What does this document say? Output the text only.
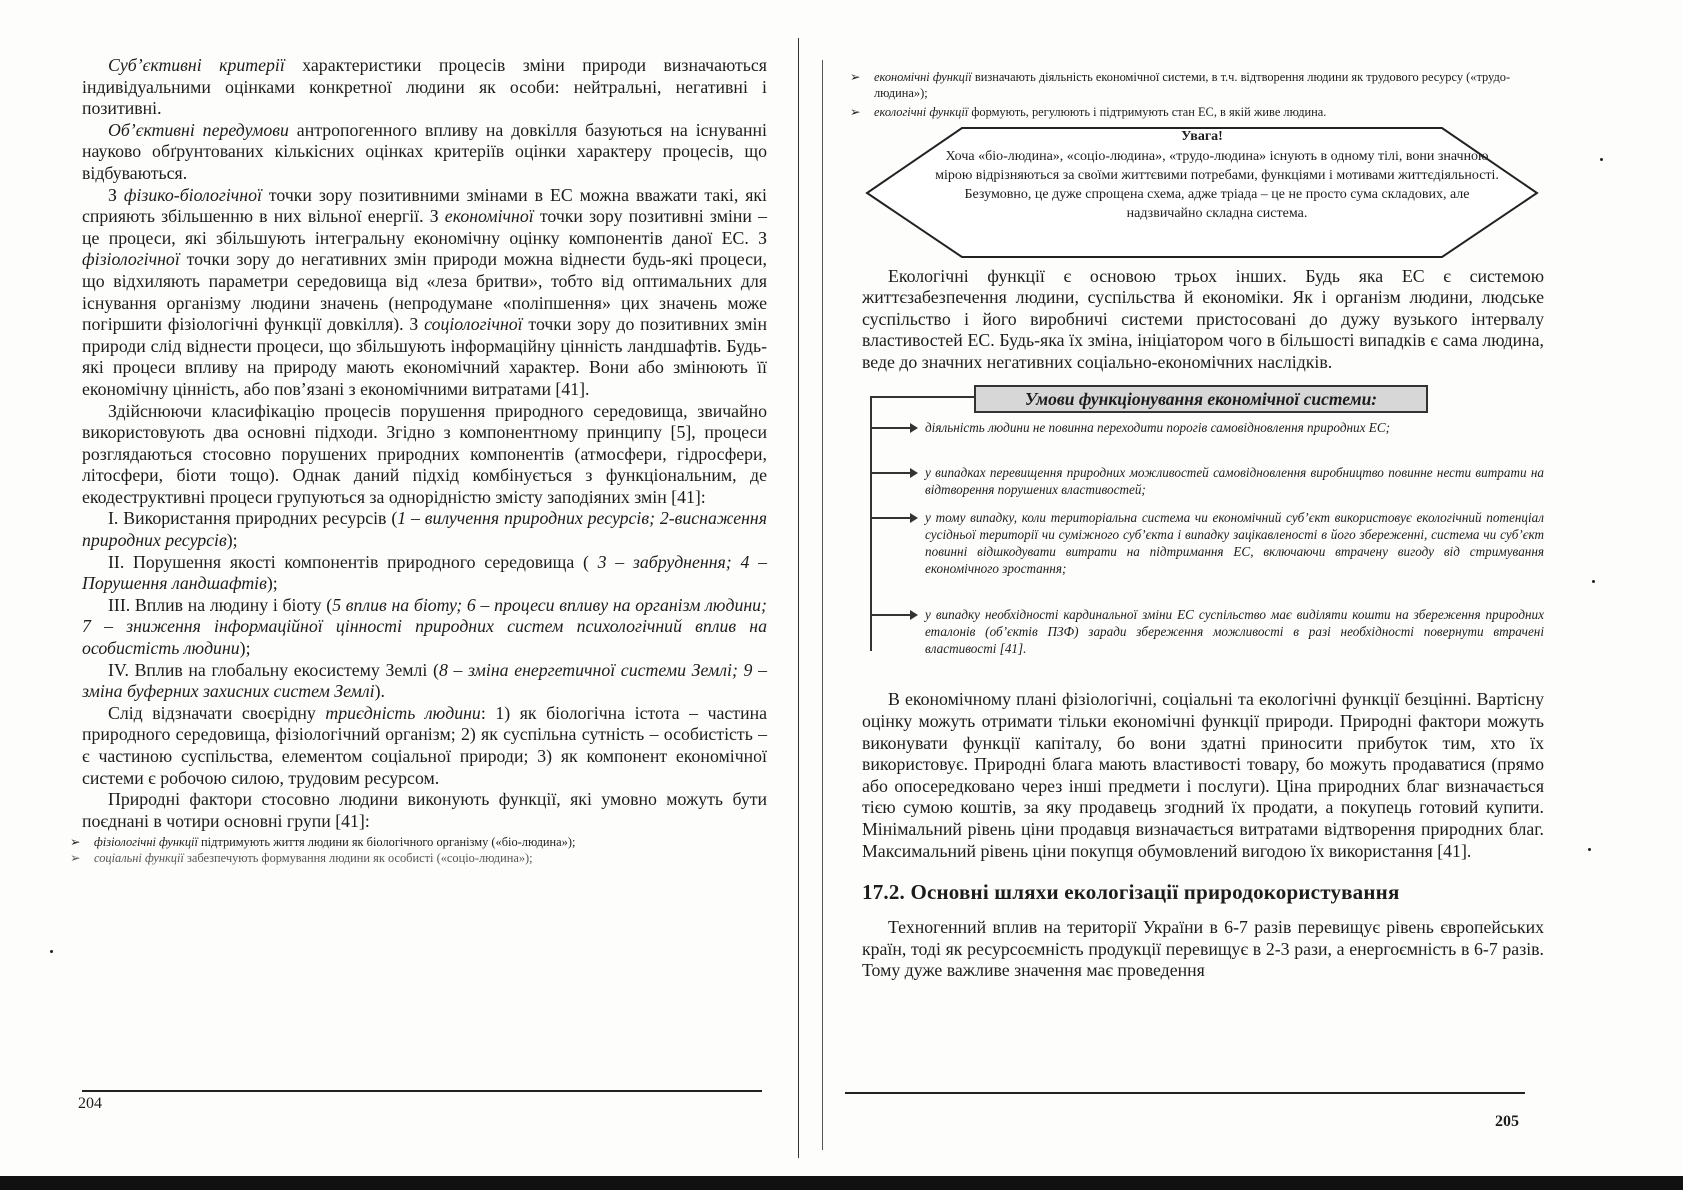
Суб’єктивні критерії характеристики процесів зміни природи визначаються індивідуальними оцінками конкретної людини як особи: нейтральні, негативні і позитивні.

Об’єктивні передумови антропогенного впливу на довкілля базуються на існуванні науково обґрунтованих кількісних оцінках критеріїв оцінки характеру процесів, що відбуваються.

З фізико-біологічної точки зору позитивними змінами в ЕС можна вважати такі, які сприяють збільшенню в них вільної енергії. З економічної точки зору позитивні зміни – це процеси, які збільшують інтегральну економічну оцінку компонентів даної ЕС. З фізіологічної точки зору до негативних змін природи можна віднести будь-які процеси, що відхиляють параметри середовища від «леза бритви», тобто від оптимальних для існування організму людини значень (непродумане «поліпшення» цих значень може погіршити фізіологічні функції довкілля). З соціологічної точки зору до позитивних змін природи слід віднести процеси, що збільшують інформаційну цінність ландшафтів. Будь-які процеси впливу на природу мають економічний характер. Вони або змінюють її економічну цінність, або пов’язані з економічними витратами [41].

Здійснюючи класифікацію процесів порушення природного середовища, звичайно використовують два основні підходи. Згідно з компонентному принципу [5], процеси розглядаються стосовно порушених природних компонентів (атмосфери, гідросфери, літосфери, біоти тощо). Однак даний підхід комбінується з функціональним, де екодеструктивні процеси групуються за однорідністю змісту заподіяних змін [41]:

І. Використання природних ресурсів (1 – вилучення природних ресурсів; 2-виснаження природних ресурсів);

ІІ. Порушення якості компонентів природного середовища ( 3 – забруднення; 4 – Порушення ландшафтів);

ІІІ. Вплив на людину і біоту (5 вплив на біоту; 6 – процеси впливу на організм людини; 7 – зниження інформаційної цінності природних систем психологічний вплив на особистість людини);

ІV. Вплив на глобальну екосистему Землі (8 – зміна енергетичної системи Землі; 9 – зміна буферних захисних систем Землі).

Слід відзначати своєрідну триєдність людини: 1) як біологічна істота – частина природного середовища, фізіологічний організм; 2) як суспільна сутність – особистість – є частиною суспільства, елементом соціальної природи; 3) як компонент економічної системи є робочою силою, трудовим ресурсом.

Природні фактори стосовно людини виконують функції, які умовно можуть бути поєднані в чотири основні групи [41]:

➢ фізіологічні функції підтримують життя людини як біологічного організму («біо-людина»);

➢ соціальні функції забезпечують формування людини як особисті («соціо-людина»);

204

➢ економічні функції визначають діяльність економічної системи, в т.ч. відтворення людини як трудового ресурсу («трудо-людина»);

➢ екологічні функції формують, регулюють і підтримують стан ЕС, в якій живе людина.

Увага!
Хоча «біо-людина», «соціо-людина», «трудо-людина» існують в одному тілі, вони значною мірою відрізняються за своїми життєвими потребами, функціями і мотивами життєдіяльності. Безумовно, це дуже спрощена схема, адже тріада – це не просто сума складових, але надзвичайно складна система.

Екологічні функції є основою трьох інших. Будь яка ЕС є системою життєзабезпечення людини, суспільства й економіки. Як і організм людини, людське суспільство і його виробничі системи пристосовані до дужу вузького інтервалу властивостей ЕС. Будь-яка їх зміна, ініціатором чого в більшості випадків є сама людина, веде до значних негативних соціально-економічних наслідків.

Умови функціонування економічної системи:
діяльність людини не повинна переходити порогів самовідновлення природних ЕС;
у випадках перевищення природних можливостей самовідновлення виробництво повинне нести витрати на відтворення порушених властивостей;
у тому випадку, коли територіальна система чи економічний суб’єкт використовує екологічний потенціал сусідньої території чи суміжного суб’єкта і випадку зацікавленості в його збереженні, система чи суб’єкт повинні відшкодувати витрати на підтримання ЕС, включаючи втрачену вигоду від стримування економічного зростання;
у випадку необхідності кардинальної зміни ЕС суспільство має виділяти кошти на збереження природних еталонів (об’єктів ПЗФ) заради збереження можливості в разі необхідності повернути втрачені властивості [41].

В економічному плані фізіологічні, соціальні та екологічні функції безцінні. Вартісну оцінку можуть отримати тільки економічні функції природи. Природні фактори можуть виконувати функції капіталу, бо вони здатні приносити прибуток тим, хто їх використовує. Природні блага мають властивості товару, бо можуть продаватися (прямо або опосередковано через інші предмети і послуги). Ціна природних благ визначається тією сумою коштів, за яку продавець згодний їх продати, а покупець готовий купити. Мінімальний рівень ціни продавця визначається витратами відтворення природних благ. Максимальний рівень ціни покупця обумовлений вигодою їх використання [41].

17.2. Основні шляхи екологізації природокористування

Техногенний вплив на території України в 6-7 разів перевищує рівень європейських країн, тоді як ресурсоємність продукції перевищує в 2-3 рази, а енергоємність в 6-7 разів. Тому дуже важливе значення має проведення

205
